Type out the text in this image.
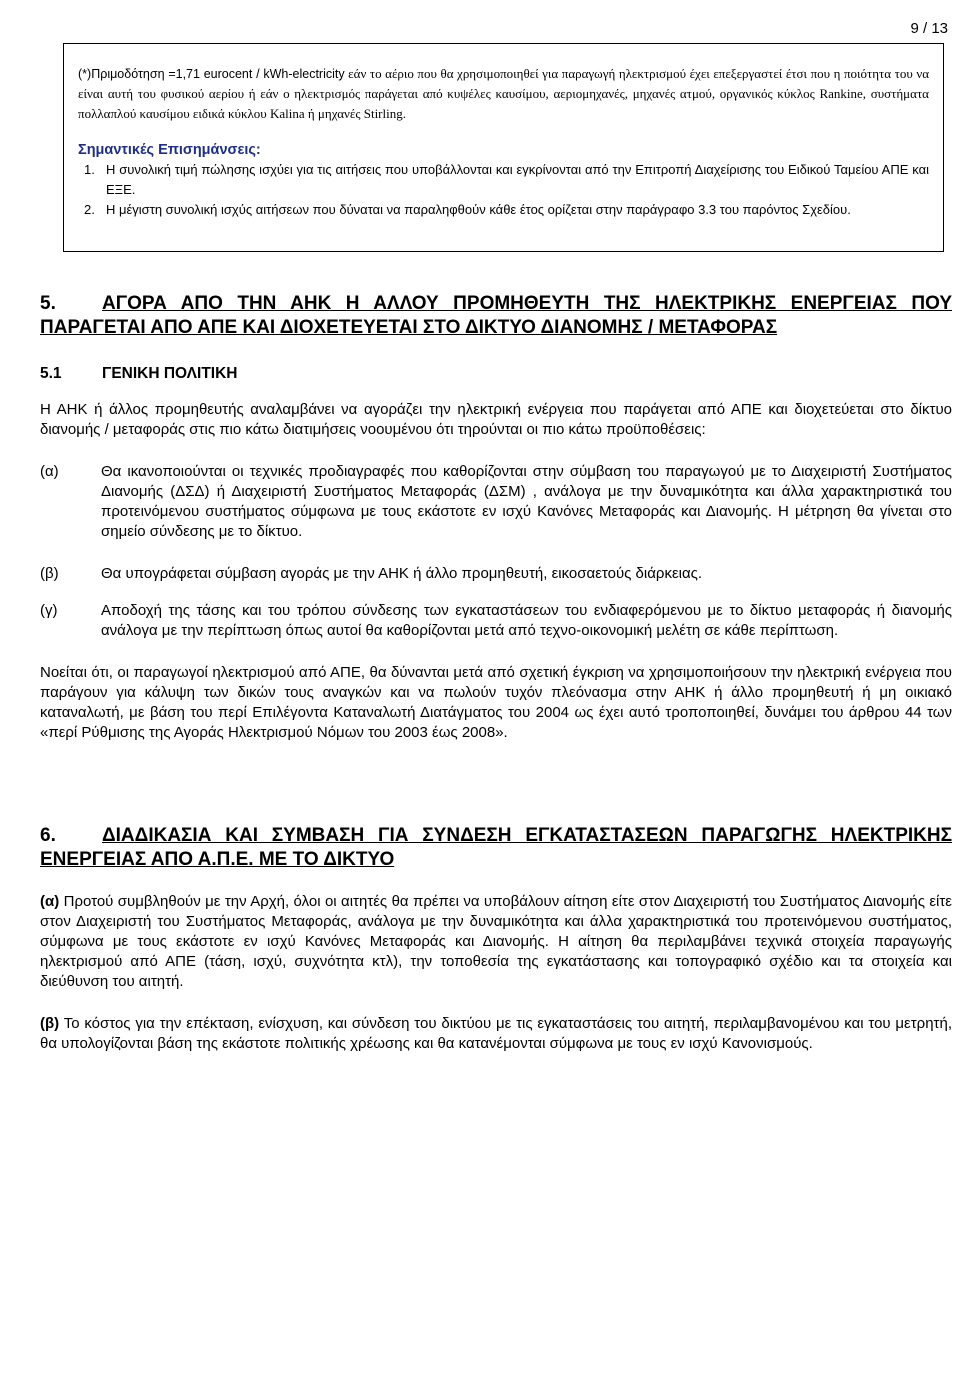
9 / 13

(*)Πριμοδότηση =1,71 eurocent / kWh-electricity εάν το αέριο που θα χρησιμοποιηθεί για παραγωγή ηλεκτρισμού έχει επεξεργαστεί έτσι που η ποιότητα του να είναι αυτή του φυσικού αερίου ή εάν ο ηλεκτρισμός παράγεται από κυψέλες καυσίμου, αεριομηχανές, μηχανές ατμού, οργανικός κύκλος Rankine, συστήματα πολλαπλού καυσίμου ειδικά κύκλου Kalina ή μηχανές Stirling.

Σημαντικές Επισημάνσεις:
1. Η συνολική τιμή πώλησης ισχύει για τις αιτήσεις που υποβάλλονται και εγκρίνονται από την Επιτροπή Διαχείρισης του Ειδικού Ταμείου ΑΠΕ και ΕΞΕ.
2. Η μέγιστη συνολική ισχύς αιτήσεων που δύναται να παραληφθούν κάθε έτος ορίζεται στην παράγραφο 3.3 του παρόντος Σχεδίου.
5. ΑΓΟΡΑ ΑΠΟ ΤΗΝ ΑΗΚ Η ΑΛΛΟΥ ΠΡΟΜΗΘΕΥΤΗ ΤΗΣ ΗΛΕΚΤΡΙΚΗΣ ΕΝΕΡΓΕΙΑΣ ΠΟΥ ΠΑΡΑΓΕΤΑΙ ΑΠΟ ΑΠΕ ΚΑΙ ΔΙΟΧΕΤΕΥΕΤΑΙ ΣΤΟ ΔΙΚΤΥΟ ΔΙΑΝΟΜΗΣ / ΜΕΤΑΦΟΡΑΣ
5.1	ΓΕΝΙΚΗ ΠΟΛΙΤΙΚΗ

Η ΑΗΚ ή άλλος προμηθευτής αναλαμβάνει να αγοράζει την ηλεκτρική ενέργεια που παράγεται από ΑΠΕ και διοχετεύεται στο δίκτυο διανομής / μεταφοράς στις πιο κάτω διατιμήσεις νοουμένου ότι τηρούνται οι πιο κάτω προϋποθέσεις:

(α)	Θα ικανοποιούνται οι τεχνικές προδιαγραφές που καθορίζονται στην σύμβαση του παραγωγού με το Διαχειριστή Συστήματος Διανομής (ΔΣΔ) ή Διαχειριστή Συστήματος Μεταφοράς (ΔΣΜ) , ανάλογα με την δυναμικότητα και άλλα χαρακτηριστικά του προτεινόμενου συστήματος σύμφωνα με τους εκάστοτε εν ισχύ Κανόνες Μεταφοράς και Διανομής. Η μέτρηση θα γίνεται στο σημείο σύνδεσης με το δίκτυο.
(β)	Θα υπογράφεται σύμβαση αγοράς με την ΑΗΚ ή άλλο προμηθευτή, εικοσαετούς διάρκειας.
(γ)	Αποδοχή της τάσης και του τρόπου σύνδεσης των εγκαταστάσεων του ενδιαφερόμενου με το δίκτυο μεταφοράς ή διανομής ανάλογα με την περίπτωση όπως αυτοί θα καθορίζονται μετά από τεχνο-οικονομική μελέτη σε κάθε περίπτωση.

Νοείται ότι, οι παραγωγοί ηλεκτρισμού από ΑΠΕ, θα δύνανται μετά από σχετική έγκριση να χρησιμοποιήσουν την ηλεκτρική ενέργεια που παράγουν για κάλυψη των δικών τους αναγκών και να πωλούν τυχόν πλεόνασμα στην ΑΗΚ ή άλλο προμηθευτή ή μη οικιακό καταναλωτή, με βάση του περί Επιλέγοντα Καταναλωτή Διατάγματος του 2004 ως έχει αυτό τροποποιηθεί, δυνάμει του άρθρου 44 των «περί Ρύθμισης της Αγοράς Ηλεκτρισμού Νόμων του 2003 έως 2008».

6. ΔΙΑΔΙΚΑΣΙΑ ΚΑΙ ΣΥΜΒΑΣΗ ΓΙΑ ΣΥΝΔΕΣΗ ΕΓΚΑΤΑΣΤΑΣΕΩΝ ΠΑΡΑΓΩΓΗΣ ΗΛΕΚΤΡΙΚΗΣ ΕΝΕΡΓΕΙΑΣ ΑΠΟ Α.Π.Ε. ΜΕ ΤΟ ΔΙΚΤΥΟ

(α) Προτού συμβληθούν με την Αρχή, όλοι οι αιτητές θα πρέπει να υποβάλουν αίτηση είτε στον Διαχειριστή του Συστήματος Διανομής είτε στον Διαχειριστή του Συστήματος Μεταφοράς, ανάλογα με την δυναμικότητα και άλλα χαρακτηριστικά του προτεινόμενου συστήματος, σύμφωνα με τους εκάστοτε εν ισχύ Κανόνες Μεταφοράς και Διανομής. Η αίτηση θα περιλαμβάνει τεχνικά στοιχεία παραγωγής ηλεκτρισμού από ΑΠΕ (τάση, ισχύ, συχνότητα κτλ), την τοποθεσία της εγκατάστασης και τοπογραφικό σχέδιο και τα στοιχεία και διεύθυνση του αιτητή.

(β) Το κόστος για την επέκταση, ενίσχυση, και σύνδεση του δικτύου με τις εγκαταστάσεις του αιτητή, περιλαμβανομένου και του μετρητή, θα υπολογίζονται βάση της εκάστοτε πολιτικής χρέωσης και θα κατανέμονται σύμφωνα με τους εν ισχύ Κανονισμούς.
